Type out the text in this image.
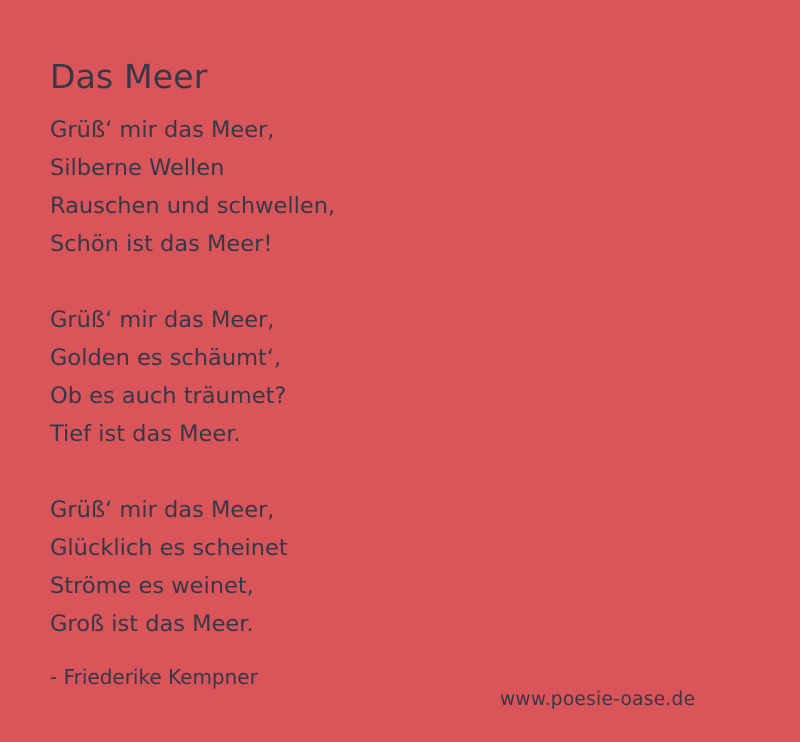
Das Meer
Grüß‘ mir das Meer,
Silberne Wellen
Rauschen und schwellen,
Schön ist das Meer!
Grüß‘ mir das Meer,
Golden es schäumt‘,
Ob es auch träumet?
Tief ist das Meer.
Grüß‘ mir das Meer,
Glücklich es scheinet
Ströme es weinet,
Groß ist das Meer.
- Friederike Kempner
www.poesie-oase.de
